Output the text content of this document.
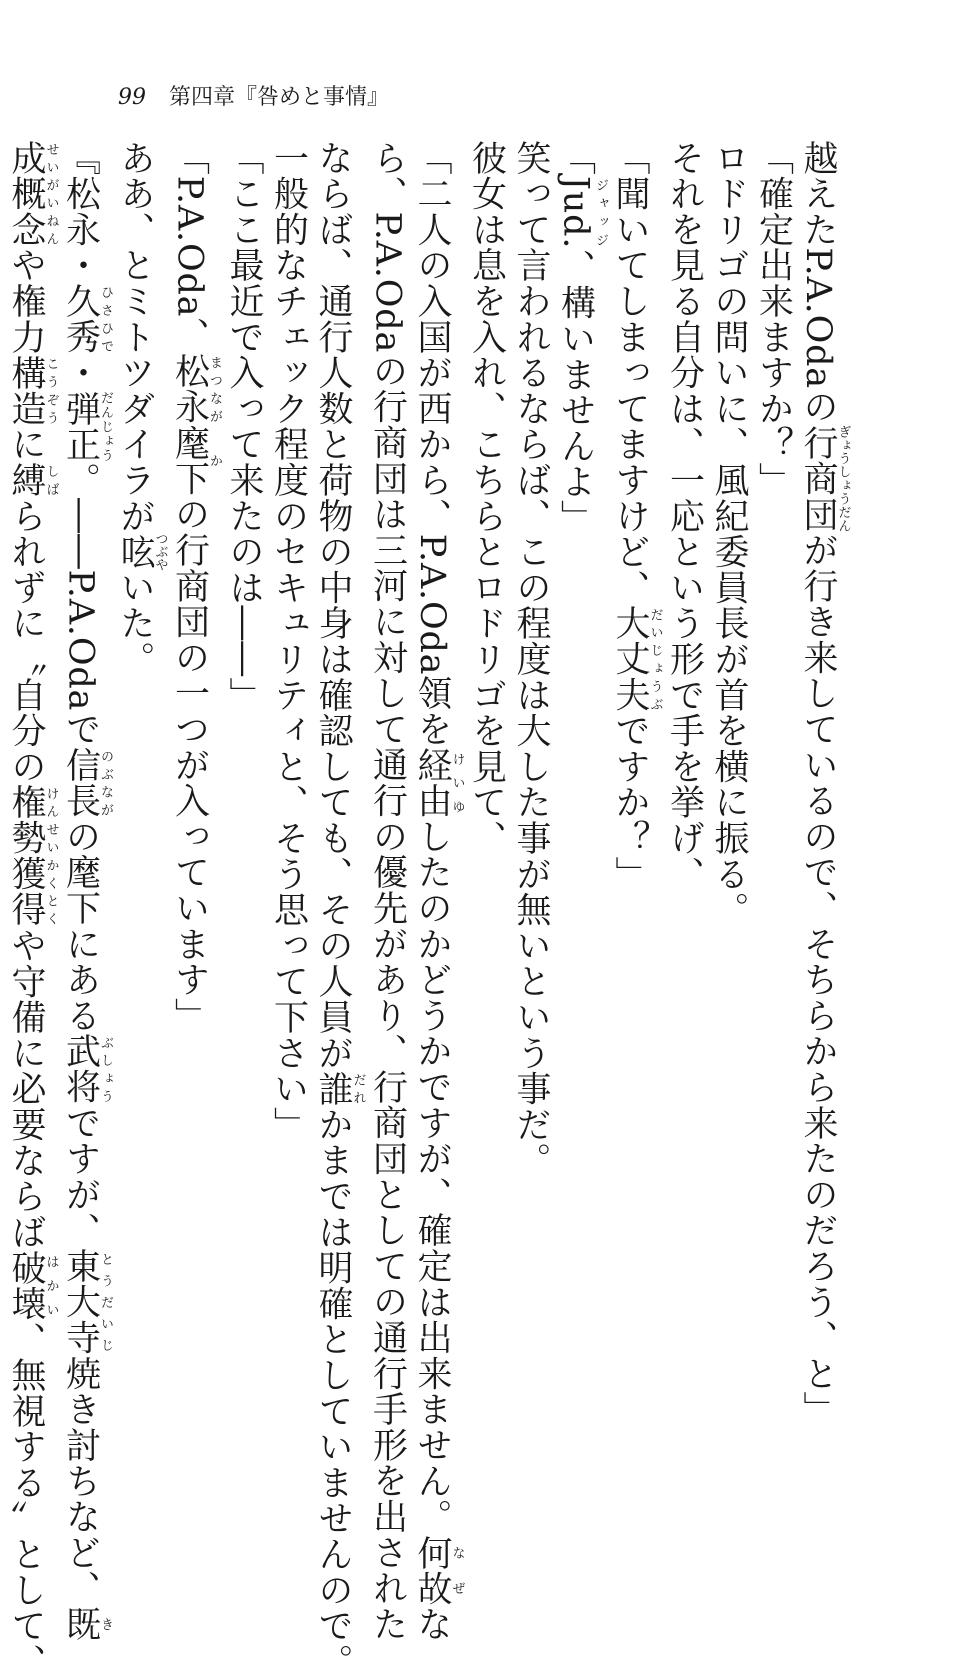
99 第四章『咎めと事情』

越えたP.A.Odaの行商団ぎょうしょうだんが行き来しているので、そちらから来たのだろう、と」

「確定出来ますか？」

ロドリゴの問いに、風紀委員長が首を横に振る。

それを見る自分は、一応という形で手を挙げ、

「聞いてしまってますけど、大丈夫だいじょうぶですか？」

「Jud.ジャッジ、構いませんよ」

笑って言われるならば、この程度は大した事が無いという事だ。

彼女は息を入れ、こちらとロドリゴを見て、

「二人の入国が西から、P.A.Oda領を経由けいゆしたのかどうかですが、確定は出来ません。何故なぜな

ら、P.A.Odaの行商団は三河に対して通行の優先があり、行商団としての通行手形を出された

ならば、通行人数と荷物の中身は確認しても、その人員が誰だれかまでは明確としていませんので。

一般的なチェック程度のセキュリティと、そう思って下さい」

「ここ最近で入って来たのは――」

「P.A.Oda、松永まつなが麾下かの行商団の一つが入っています」

ああ、とミトツダイラが呟つぶやいた。

『松永・久秀ひさひで・弾正だんじょう。――P.A.Odaで信長のぶながの麾下にある武将ぶしょうですが、東大寺とうだいじ焼き討ちなど、既き

成概念せいがいねんや権力構造こうぞうに縛しばられずに〝自分の権勢獲得けんせいかくとくや守備に必要ならば破壊はかい、無視する〟として、
